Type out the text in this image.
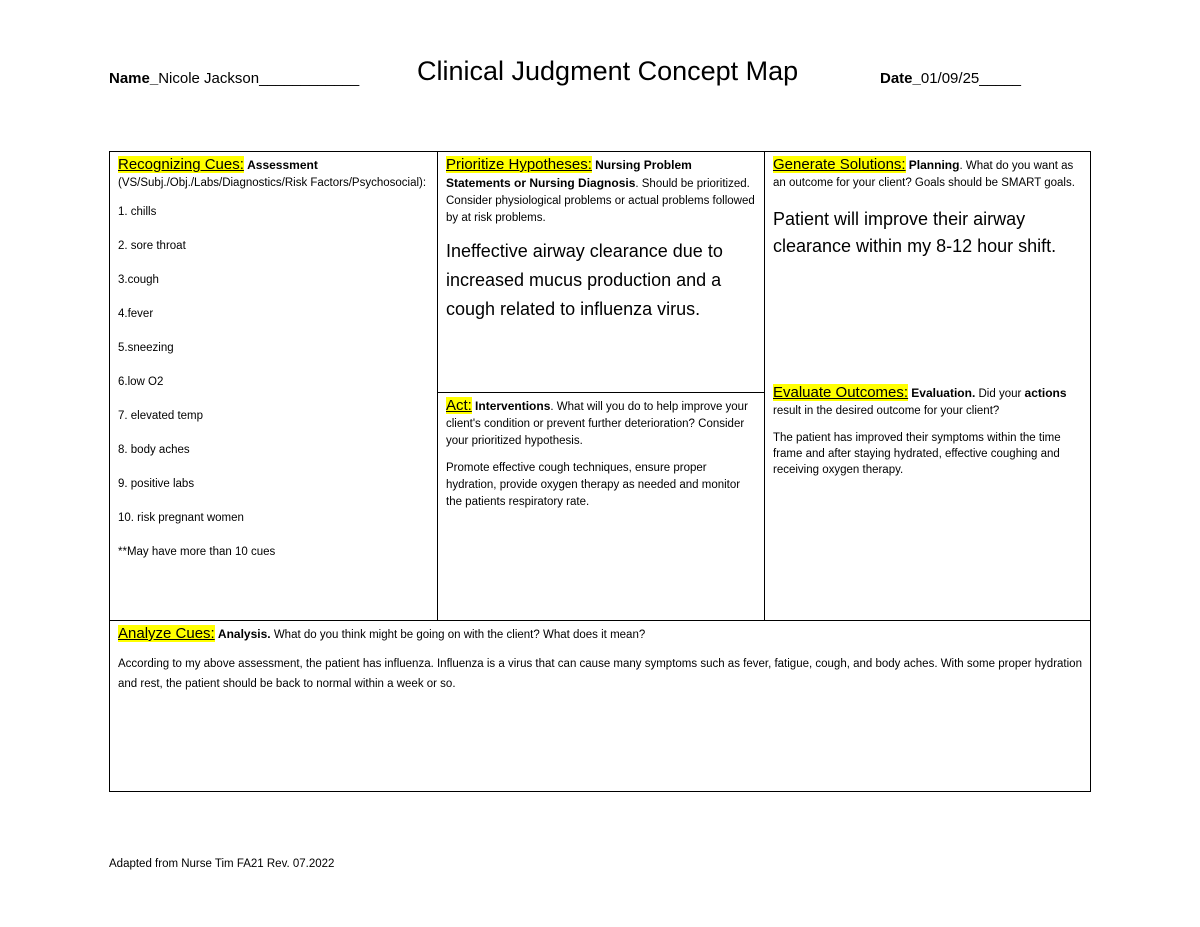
Name_Nicole Jackson____________ Clinical Judgment Concept Map	Date_01/09/25_____
Recognizing Cues: Assessment (VS/Subj./Obj./Labs/Diagnostics/Risk Factors/Psychosocial):
1. chills
2. sore throat
3.cough
4.fever
5.sneezing
6.low O2
7. elevated temp
8. body aches
9. positive labs
10. risk pregnant women
**May have more than 10 cues
Prioritize Hypotheses: Nursing Problem Statements or Nursing Diagnosis. Should be prioritized. Consider physiological problems or actual problems followed by at risk problems.
Ineffective airway clearance due to increased mucus production and a cough related to influenza virus.
Act: Interventions. What will you do to help improve your client's condition or prevent further deterioration? Consider your prioritized hypothesis.
Promote effective cough techniques, ensure proper hydration, provide oxygen therapy as needed and monitor the patients respiratory rate.
Generate Solutions: Planning. What do you want as an outcome for your client? Goals should be SMART goals.
Patient will improve their airway clearance within my 8-12 hour shift.
Evaluate Outcomes: Evaluation. Did your actions result in the desired outcome for your client?
The patient has improved their symptoms within the time frame and after staying hydrated, effective coughing and receiving oxygen therapy.
Analyze Cues: Analysis. What do you think might be going on with the client? What does it mean?
According to my above assessment, the patient has influenza. Influenza is a virus that can cause many symptoms such as fever, fatigue, cough, and body aches. With some proper hydration and rest, the patient should be back to normal within a week or so.
Adapted from Nurse Tim FA21 Rev. 07.2022
